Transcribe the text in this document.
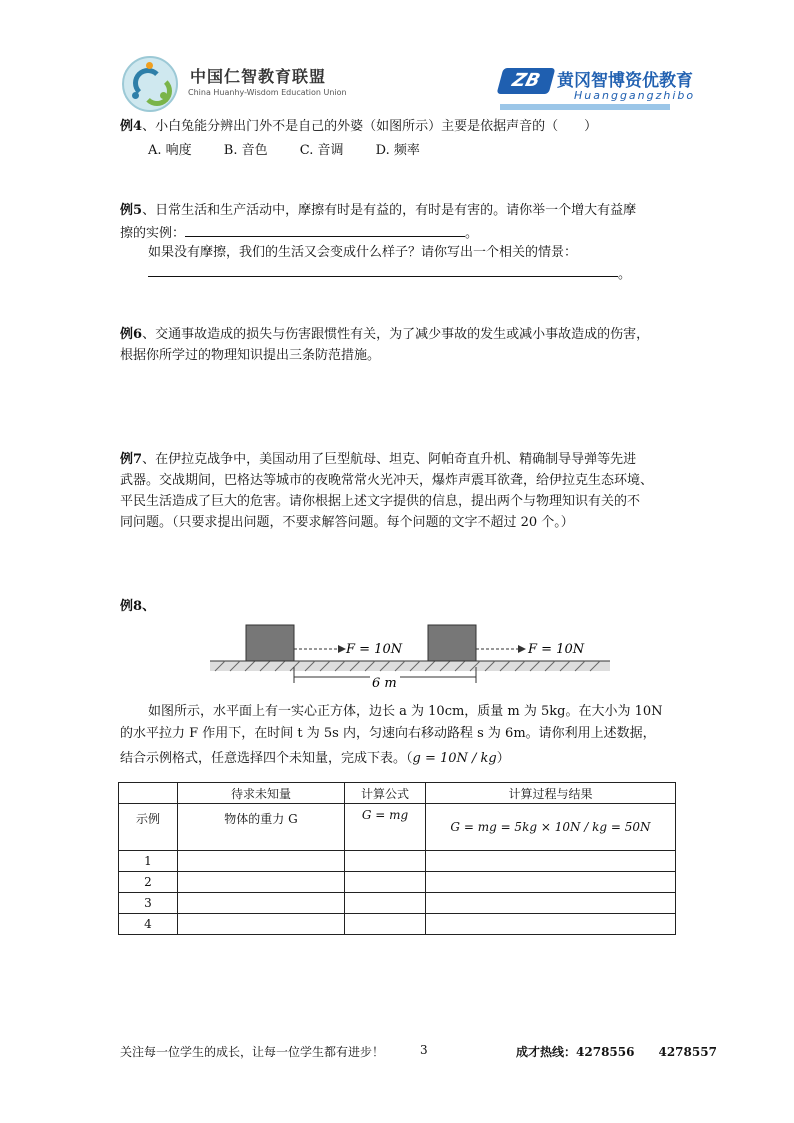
中国仁智教育联盟
China Huanhy-Wisdom Education Union
ZB 黄冈智博资优教育
Huanggangzhibo
例4、小白兔能分辨出门外不是自己的外婆（如图所示）主要是依据声音的（　　）
A. 响度 B. 音色 C. 音调 D. 频率
例5、日常生活和生产活动中，摩擦有时是有益的，有时是有害的。请你举一个增大有益摩
擦的实例：	。
如果没有摩擦，我们的生活又会变成什么样子？请你写出一个相关的情景：
。
例6、交通事故造成的损失与伤害跟惯性有关，为了减少事故的发生或减小事故造成的伤害，
根据你所学过的物理知识提出三条防范措施。
例7、在伊拉克战争中，美国动用了巨型航母、坦克、阿帕奇直升机、精确制导导弹等先进
武器。交战期间，巴格达等城市的夜晚常常火光冲天，爆炸声震耳欲聋，给伊拉克生态环境、
平民生活造成了巨大的危害。请你根据上述文字提供的信息，提出两个与物理知识有关的不
同问题。（只要求提出问题，不要求解答问题。每个问题的文字不超过 20 个。）
例8、
F = 10N	F = 10N
6 m
如图所示，水平面上有一实心正方体，边长 a 为 10cm，质量 m 为 5kg。在大小为 10N
的水平拉力 F 作用下，在时间 t 为 5s 内，匀速向右移动路程 s 为 6m。请你利用上述数据，
结合示例格式，任意选择四个未知量，完成下表。（g = 10N / kg）
	待求未知量	计算公式	计算过程与结果
示例	物体的重力 G	G = mg	G = mg = 5kg × 10N / kg = 50N
1			
2			
3			
4			
关注每一位学生的成长，让每一位学生都有进步！	3	成才热线：4278556 4278557
